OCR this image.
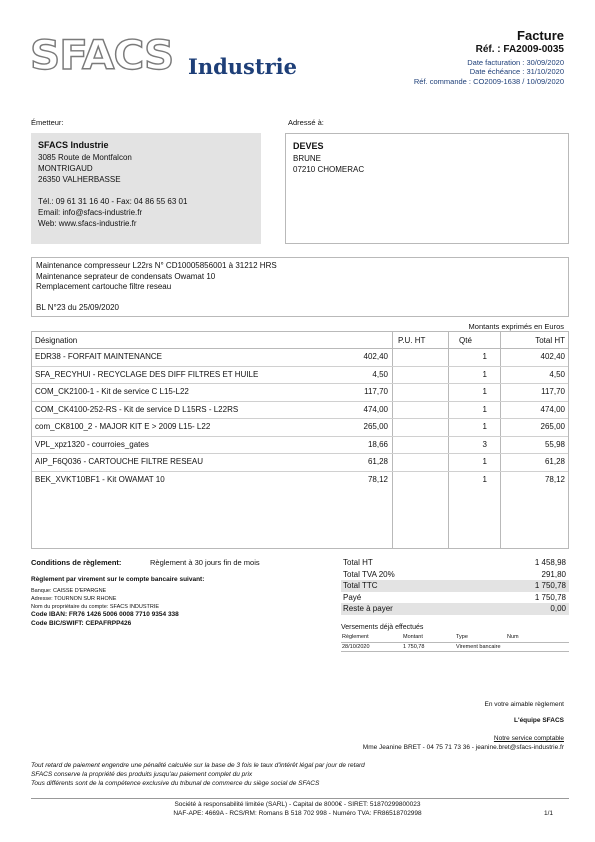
SFACS Industrie
Facture
Réf. : FA2009-0035
Date facturation : 30/09/2020
Date échéance : 31/10/2020
Réf. commande : CO2009-1638 / 10/09/2020
Émetteur:	Adressé à:
SFACS Industrie
3085 Route de Montfalcon
MONTRIGAUD
26350 VALHERBASSE
Tél.: 09 61 31 16 40 - Fax: 04 86 55 63 01
Email: info@sfacs-industrie.fr
Web: www.sfacs-industrie.fr
DEVES
BRUNE
07210 CHOMERAC
Maintenance compresseur L22rs N° CD10005856001 à 31212 HRS
Maintenance seprateur de condensats Owamat 10
Remplacement cartouche filtre reseau
BL N°23 du 25/09/2020
Montants exprimés en Euros
Désignation	P.U. HT	Qté	Total HT
EDR38 - FORFAIT MAINTENANCE	402,40	1	402,40
SFA_RECYHUI - RECYCLAGE DES DIFF FILTRES ET HUILE	4,50	1	4,50
COM_CK2100-1 - Kit de service C L15-L22	117,70	1	117,70
COM_CK4100-252-RS - Kit de service D L15RS - L22RS	474,00	1	474,00
com_CK8100_2 - MAJOR KIT E > 2009 L15- L22	265,00	1	265,00
VPL_xpz1320 - courroies_gates	18,66	3	55,98
AIP_F6Q036 - CARTOUCHE FILTRE RESEAU	61,28	1	61,28
BEK_XVKT10BF1 - Kit OWAMAT 10	78,12	1	78,12
Conditions de règlement:	Règlement à 30 jours fin de mois
Règlement par virement sur le compte bancaire suivant:
Banque: CAISSE D'EPARGNE
Adresse: TOURNON SUR RHONE
Nom du propriétaire du compte: SFACS INDUSTRIE
Code IBAN: FR76 1426 5006 0008 7710 9354 338
Code BIC/SWIFT: CEPAFRPP426
Total HT	1 458,98
Total TVA 20%	291,80
Total TTC	1 750,78
Payé	1 750,78
Reste à payer	0,00
Versements déjà effectués
Règlement	Montant	Type	Num
28/10/2020	1 750,78	Virement bancaire
En votre aimable règlement
L'équipe SFACS
Notre service comptable
Mme Jeanine BRET - 04 75 71 73 36 - jeanine.bret@sfacs-industrie.fr
Tout retard de paiement engendre une pénalité calculée sur la base de 3 fois le taux d'intérêt légal par jour de retard
SFACS conserve la propriété des produits jusqu'au paiement complet du prix
Tous différents sont de la compétence exclusive du tribunal de commerce du siège social de SFACS
Société à responsabilité limitée (SARL) - Capital de 8000€ - SIRET: 51870299800023
NAF-APE: 4669A - RCS/RM: Romans B 518 702 998 - Numéro TVA: FR86518702998	1/1
